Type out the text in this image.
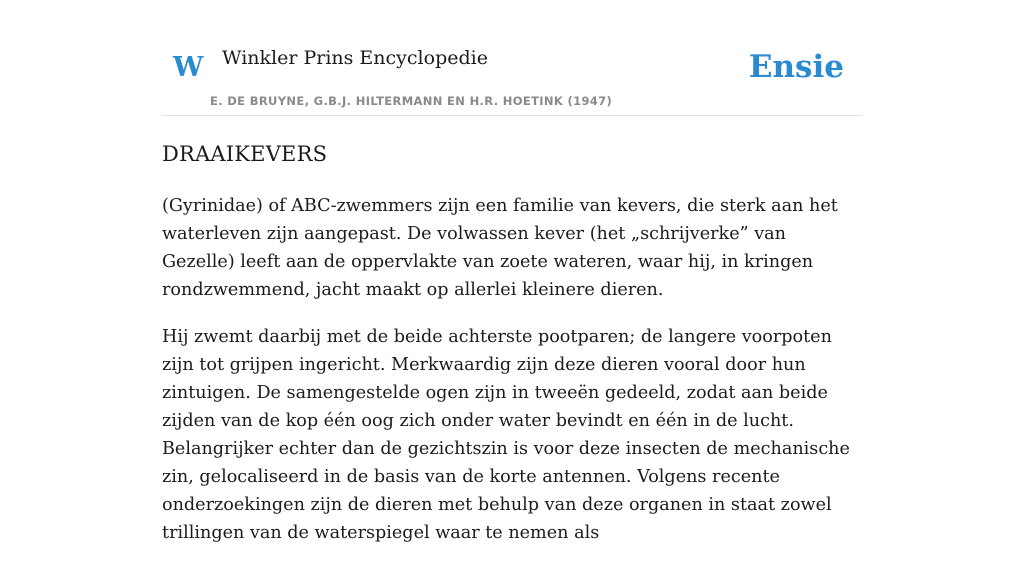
W Winkler Prins Encyclopedie
E. DE BRUYNE, G.B.J. HILTERMANN EN H.R. HOETINK (1947)
Ensie
DRAAIKEVERS

(Gyrinidae) of ABC-zwemmers zijn een familie van kevers, die sterk aan het waterleven zijn aangepast. De volwassen kever (het „schrijverke” van Gezelle) leeft aan de oppervlakte van zoete wateren, waar hij, in kringen rondzwemmend, jacht maakt op allerlei kleinere dieren.

Hij zwemt daarbij met de beide achterste pootparen; de langere voorpoten zijn tot grijpen ingericht. Merkwaardig zijn deze dieren vooral door hun zintuigen. De samengestelde ogen zijn in tweeën gedeeld, zodat aan beide zijden van de kop één oog zich onder water bevindt en één in de lucht. Belangrijker echter dan de gezichtszin is voor deze insecten de mechanische zin, gelocaliseerd in de basis van de korte antennen. Volgens recente onderzoekingen zijn de dieren met behulp van deze organen in staat zowel trillingen van de waterspiegel waar te nemen als
